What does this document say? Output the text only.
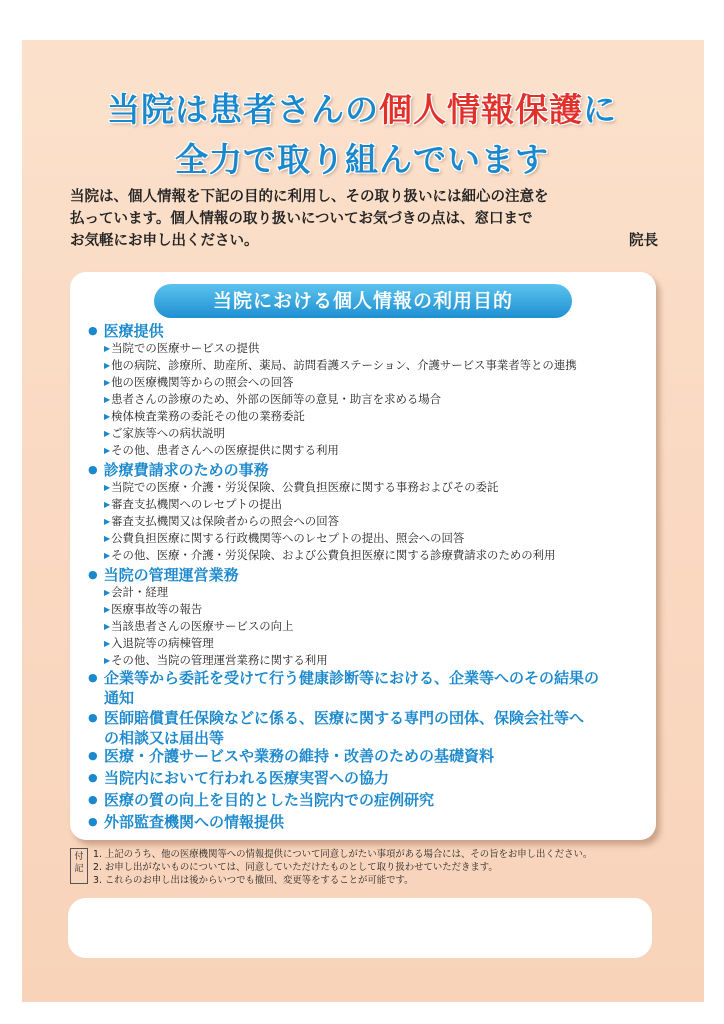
当院は患者さんの個人情報保護に
全力で取り組んでいます
当院は、個人情報を下記の目的に利用し、その取り扱いには細心の注意を
払っています。個人情報の取り扱いについてお気づきの点は、窓口まで
お気軽にお申し出ください。	院長
当院における個人情報の利用目的
● 医療提供
▶ 当院での医療サービスの提供
▶ 他の病院、診療所、助産所、薬局、訪問看護ステーション、介護サービス事業者等との連携
▶ 他の医療機関等からの照会への回答
▶ 患者さんの診療のため、外部の医師等の意見・助言を求める場合
▶ 検体検査業務の委託その他の業務委託
▶ ご家族等への病状説明
▶ その他、患者さんへの医療提供に関する利用
● 診療費請求のための事務
▶ 当院での医療・介護・労災保険、公費負担医療に関する事務およびその委託
▶ 審査支払機関へのレセプトの提出
▶ 審査支払機関又は保険者からの照会への回答
▶ 公費負担医療に関する行政機関等へのレセプトの提出、照会への回答
▶ その他、医療・介護・労災保険、および公費負担医療に関する診療費請求のための利用
● 当院の管理運営業務
▶ 会計・経理
▶ 医療事故等の報告
▶ 当該患者さんの医療サービスの向上
▶ 入退院等の病棟管理
▶ その他、当院の管理運営業務に関する利用
● 企業等から委託を受けて行う健康診断等における、企業等へのその結果の
通知
● 医師賠償責任保険などに係る、医療に関する専門の団体、保険会社等へ
の相談又は届出等
● 医療・介護サービスや業務の維持・改善のための基礎資料
● 当院内において行われる医療実習への協力
● 医療の質の向上を目的とした当院内での症例研究
● 外部監査機関への情報提供
付
記
1. 上記のうち、他の医療機関等への情報提供について同意しがたい事項がある場合には、その旨をお申し出ください。
2. お申し出がないものについては、同意していただけたものとして取り扱わせていただきます。
3. これらのお申し出は後からいつでも撤回、変更等をすることが可能です。
